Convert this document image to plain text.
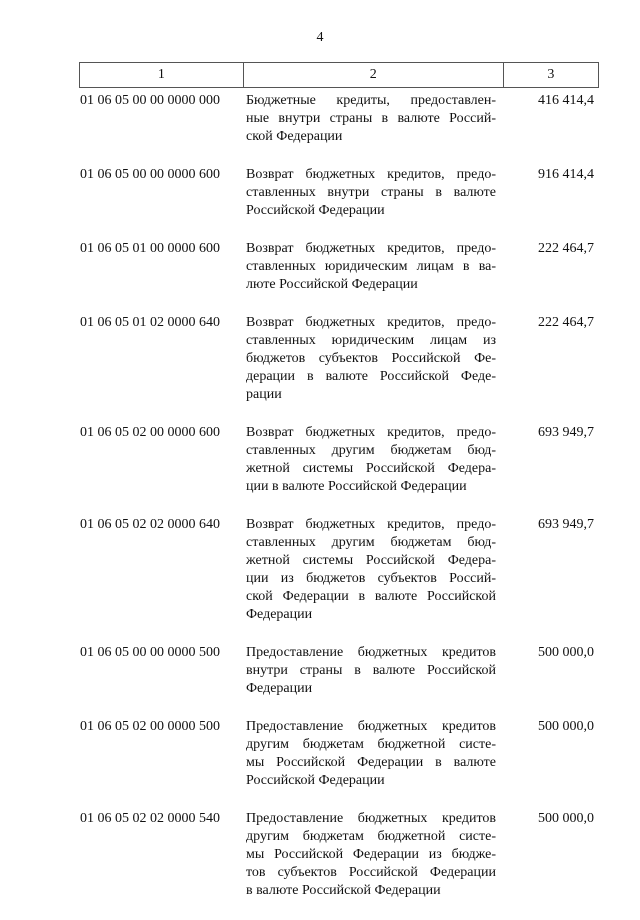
4
1	2	3
01 06 05 00 00 0000 000	Бюджетные кредиты, предоставлен-
ные внутри страны в валюте Россий-
ской Федерации
416 414,4
01 06 05 00 00 0000 600	Возврат бюджетных кредитов, предо-
ставленных внутри страны в валюте
Российской Федерации
916 414,4
01 06 05 01 00 0000 600	Возврат бюджетных кредитов, предо-
ставленных юридическим лицам в ва-
люте Российской Федерации
222 464,7
01 06 05 01 02 0000 640	Возврат бюджетных кредитов, предо-
ставленных юридическим лицам из
бюджетов субъектов Российской Фе-
дерации в валюте Российской Феде-
рации
222 464,7
01 06 05 02 00 0000 600	Возврат бюджетных кредитов, предо-
ставленных другим бюджетам бюд-
жетной системы Российской Федера-
ции в валюте Российской Федерации
693 949,7
01 06 05 02 02 0000 640	Возврат бюджетных кредитов, предо-
ставленных другим бюджетам бюд-
жетной системы Российской Федера-
ции из бюджетов субъектов Россий-
ской Федерации в валюте Российской
Федерации
693 949,7
01 06 05 00 00 0000 500	Предоставление бюджетных кредитов
внутри страны в валюте Российской
Федерации
500 000,0
01 06 05 02 00 0000 500	Предоставление бюджетных кредитов
другим бюджетам бюджетной систе-
мы Российской Федерации в валюте
Российской Федерации
500 000,0
01 06 05 02 02 0000 540	Предоставление бюджетных кредитов
другим бюджетам бюджетной систе-
мы Российской Федерации из бюдже-
тов субъектов Российской Федерации
в валюте Российской Федерации
500 000,0
